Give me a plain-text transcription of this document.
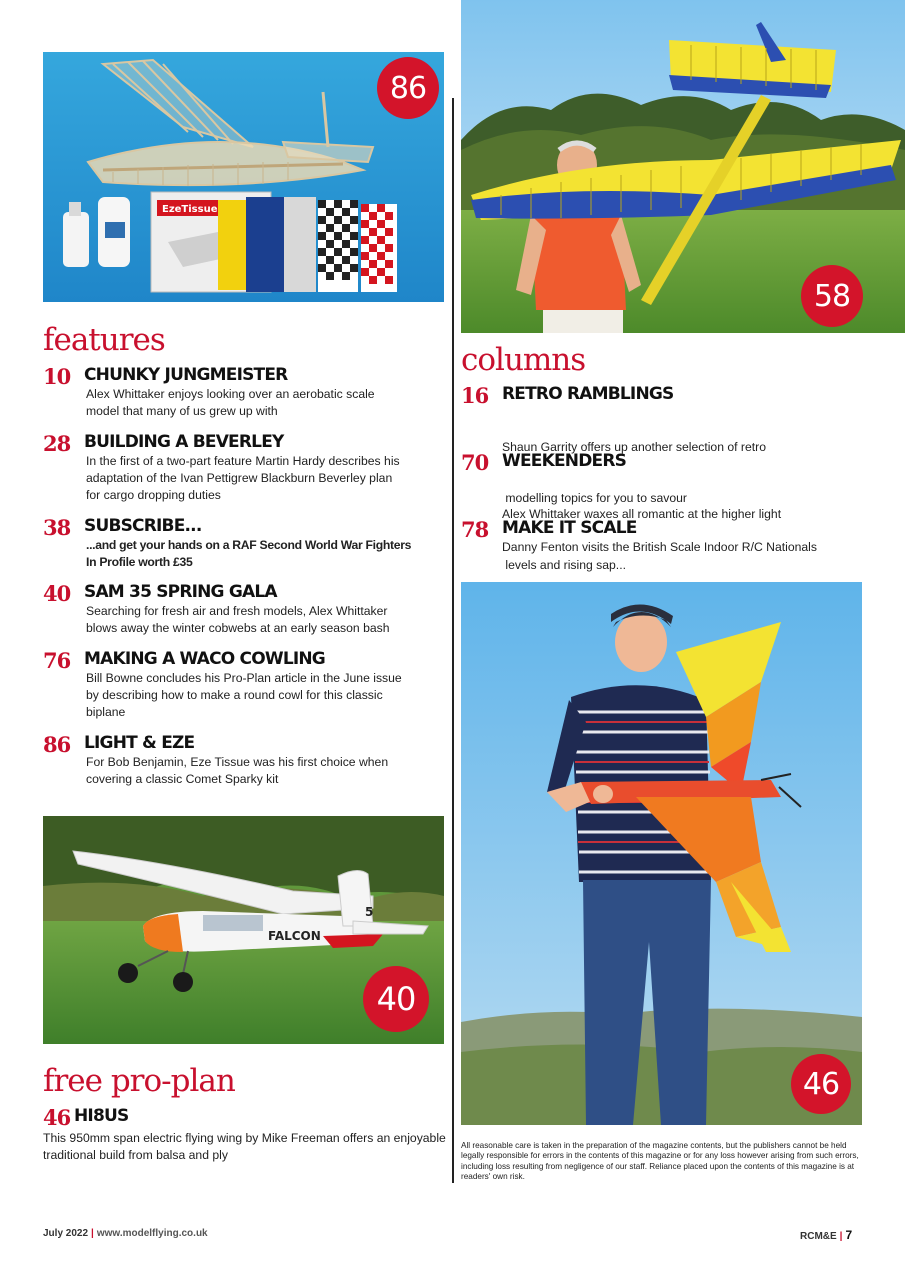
EzeTissue
86
58
features
10 CHUNKY JUNGMEISTER
Alex Whittaker enjoys looking over an aerobatic scale
model that many of us grew up with
28 BUILDING A BEVERLEY
In the first of a two-part feature Martin Hardy describes his
adaptation of the Ivan Pettigrew Blackburn Beverley plan
for cargo dropping duties
38 SUBSCRIBE...
...and get your hands on a RAF Second World War Fighters
In Profile worth £35
40 SAM 35 SPRING GALA
Searching for fresh air and fresh models, Alex Whittaker
blows away the winter cobwebs at an early season bash
76 MAKING A WACO COWLING
Bill Bowne concludes his Pro-Plan article in the June issue
by describing how to make a round cowl for this classic
biplane
86 LIGHT & EZE
For Bob Benjamin, Eze Tissue was his first choice when
covering a classic Comet Sparky kit
FALCON
5
40
free pro-plan
46 HI8US
This 950mm span electric flying wing by Mike Freeman offers an enjoyable
traditional build from balsa and ply
columns
16 RETRO RAMBLINGS

Shaun Garrity offers up another selection of retro

modelling topics for you to savour

70 WEEKENDERS

Alex Whittaker waxes all romantic at the higher light

levels and rising sap...

78 MAKE IT SCALE
Danny Fenton visits the British Scale Indoor R/C Nationals
46
All reasonable care is taken in the preparation of the magazine contents, but the publishers cannot be held legally responsible for errors in the contents of this magazine or for any loss however arising from such errors, including loss resulting from negligence of our staff. Reliance placed upon the contents of this magazine is at readers' own risk.
July 2022 | www.modelflying.co.uk	RCM&E | 7
